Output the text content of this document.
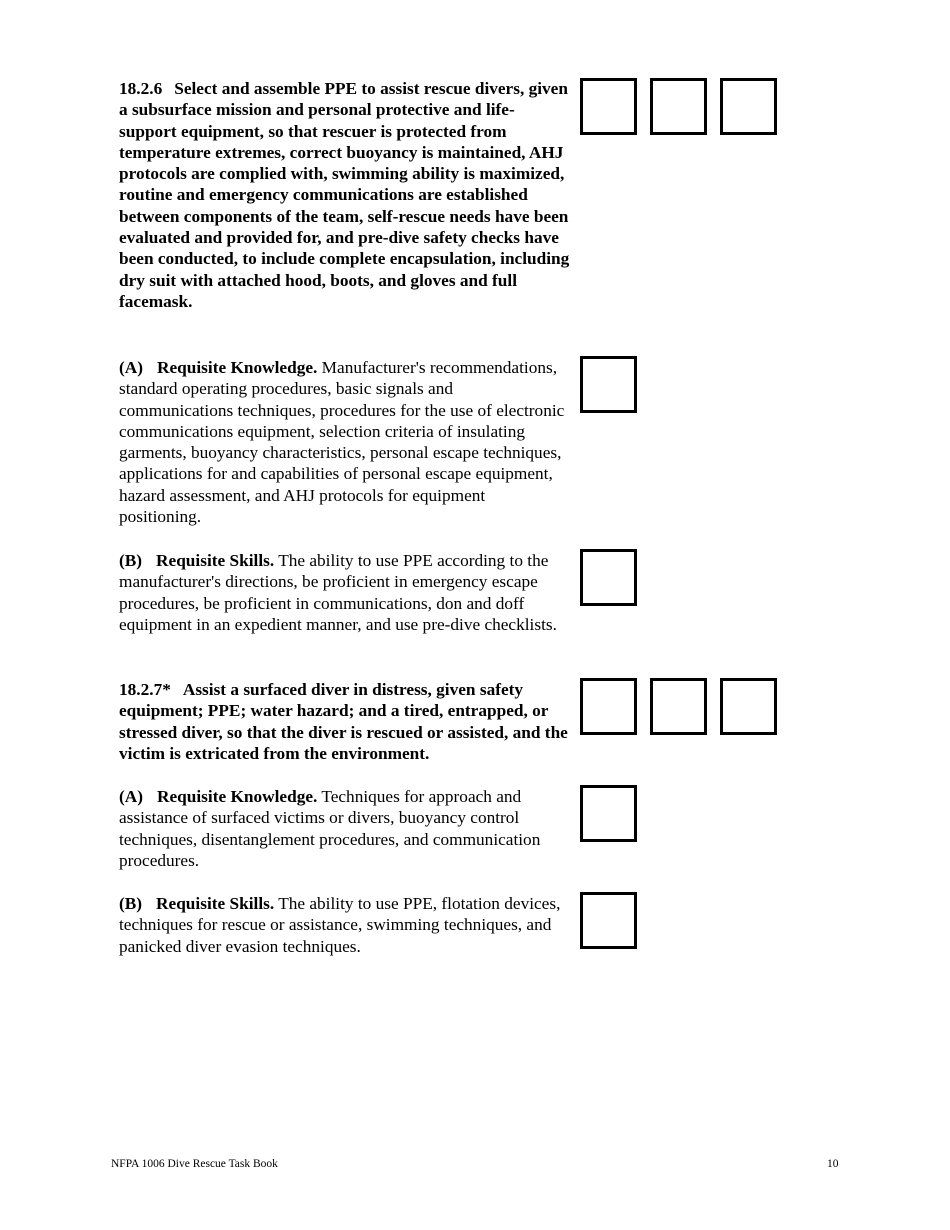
18.2.6 Select and assemble PPE to assist rescue divers, given a subsurface mission and personal protective and life-support equipment, so that rescuer is protected from temperature extremes, correct buoyancy is maintained, AHJ protocols are complied with, swimming ability is maximized, routine and emergency communications are established between components of the team, self-rescue needs have been evaluated and provided for, and pre-dive safety checks have been conducted, to include complete encapsulation, including dry suit with attached hood, boots, and gloves and full facemask.
(A) Requisite Knowledge. Manufacturer's recommendations, standard operating procedures, basic signals and communications techniques, procedures for the use of electronic communications equipment, selection criteria of insulating garments, buoyancy characteristics, personal escape techniques, applications for and capabilities of personal escape equipment, hazard assessment, and AHJ protocols for equipment positioning.
(B) Requisite Skills. The ability to use PPE according to the manufacturer's directions, be proficient in emergency escape procedures, be proficient in communications, don and doff equipment in an expedient manner, and use pre-dive checklists.
18.2.7* Assist a surfaced diver in distress, given safety equipment; PPE; water hazard; and a tired, entrapped, or stressed diver, so that the diver is rescued or assisted, and the victim is extricated from the environment.
(A) Requisite Knowledge. Techniques for approach and assistance of surfaced victims or divers, buoyancy control techniques, disentanglement procedures, and communication procedures.
(B) Requisite Skills. The ability to use PPE, flotation devices, techniques for rescue or assistance, swimming techniques, and panicked diver evasion techniques.
NFPA 1006 Dive Rescue Task Book	10
